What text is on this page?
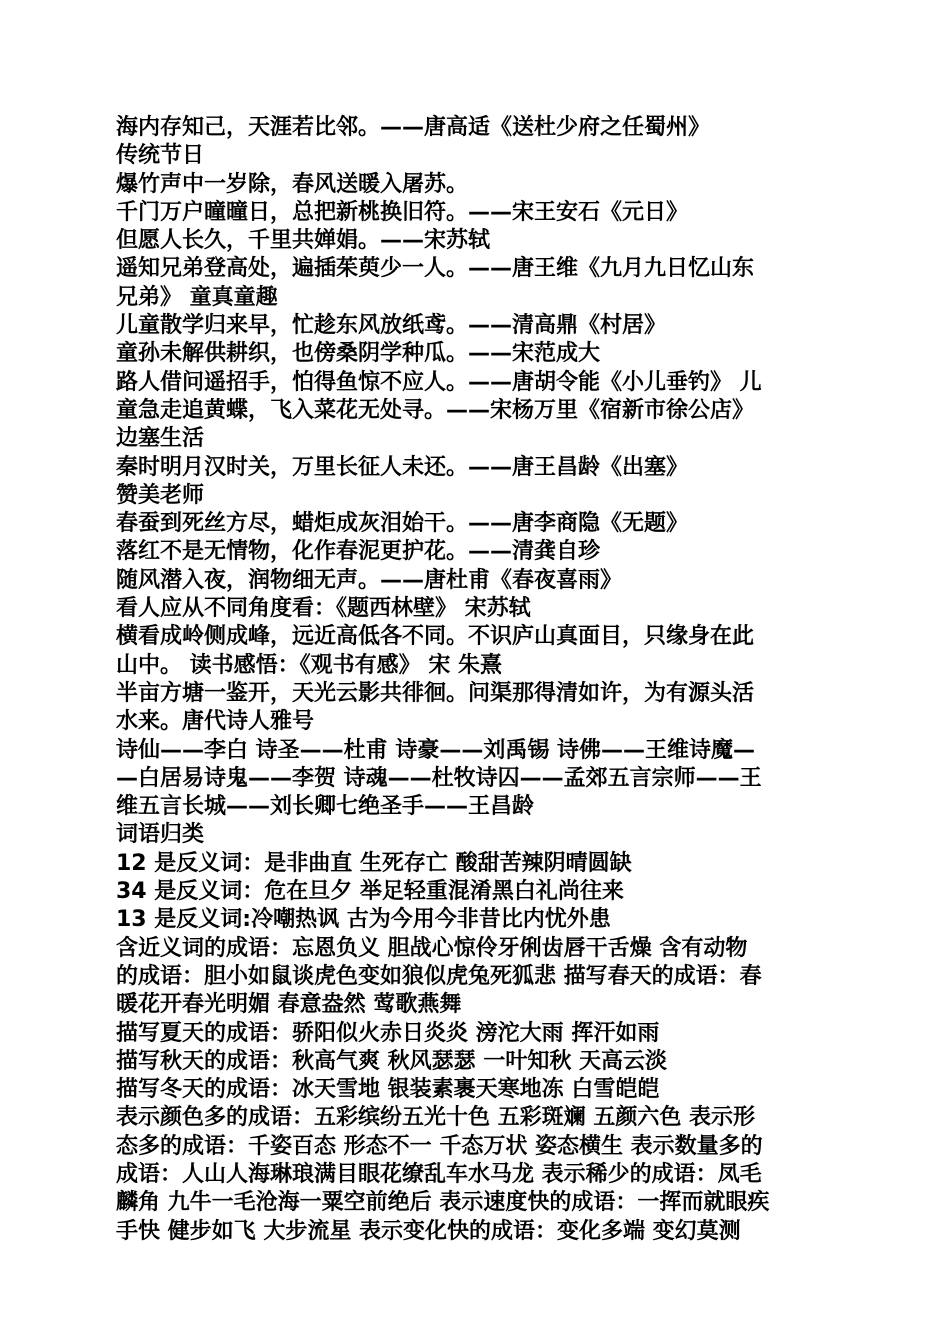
海内存知己，天涯若比邻。——唐高适《送杜少府之任蜀州》
传统节日
爆竹声中一岁除，春风送暖入屠苏。
千门万户曈曈日，总把新桃换旧符。——宋王安石《元日》
但愿人长久，千里共婵娟。——宋苏轼
遥知兄弟登高处，遍插茱萸少一人。——唐王维《九月九日忆山东
兄弟》 童真童趣
儿童散学归来早，忙趁东风放纸鸢。——清高鼎《村居》
童孙未解供耕织，也傍桑阴学种瓜。——宋范成大
路人借问遥招手，怕得鱼惊不应人。——唐胡令能《小儿垂钓》 儿
童急走追黄蝶，飞入菜花无处寻。——宋杨万里《宿新市徐公店》
边塞生活
秦时明月汉时关，万里长征人未还。——唐王昌龄《出塞》
赞美老师
春蚕到死丝方尽，蜡炬成灰泪始干。——唐李商隐《无题》
落红不是无情物，化作春泥更护花。——清龚自珍
随风潜入夜，润物细无声。——唐杜甫《春夜喜雨》
看人应从不同角度看：《题西林壁》 宋苏轼
横看成岭侧成峰，远近高低各不同。不识庐山真面目，只缘身在此
山中。 读书感悟：《观书有感》 宋 朱熹
半亩方塘一鉴开，天光云影共徘徊。问渠那得清如许，为有源头活
水来。唐代诗人雅号
诗仙——李白 诗圣——杜甫 诗豪——刘禹锡 诗佛——王维诗魔—
—白居易诗鬼——李贺 诗魂——杜牧诗囚——孟郊五言宗师——王
维五言长城——刘长卿七绝圣手——王昌龄
词语归类
12 是反义词：是非曲直 生死存亡 酸甜苦辣阴晴圆缺
34 是反义词：危在旦夕 举足轻重混淆黑白礼尚往来
13 是反义词:冷嘲热讽 古为今用今非昔比内忧外患
含近义词的成语：忘恩负义 胆战心惊伶牙俐齿唇干舌燥 含有动物
的成语：胆小如鼠谈虎色变如狼似虎兔死狐悲 描写春天的成语：春
暖花开春光明媚 春意盎然 莺歌燕舞
描写夏天的成语：骄阳似火赤日炎炎 滂沱大雨 挥汗如雨
描写秋天的成语：秋高气爽 秋风瑟瑟 一叶知秋 天高云淡
描写冬天的成语：冰天雪地 银装素裹天寒地冻 白雪皑皑
表示颜色多的成语：五彩缤纷五光十色 五彩斑斓 五颜六色 表示形
态多的成语：千姿百态 形态不一 千态万状 姿态横生 表示数量多的
成语：人山人海琳琅满目眼花缭乱车水马龙 表示稀少的成语：凤毛
麟角 九牛一毛沧海一粟空前绝后 表示速度快的成语：一挥而就眼疾
手快 健步如飞 大步流星 表示变化快的成语：变化多端 变幻莫测
